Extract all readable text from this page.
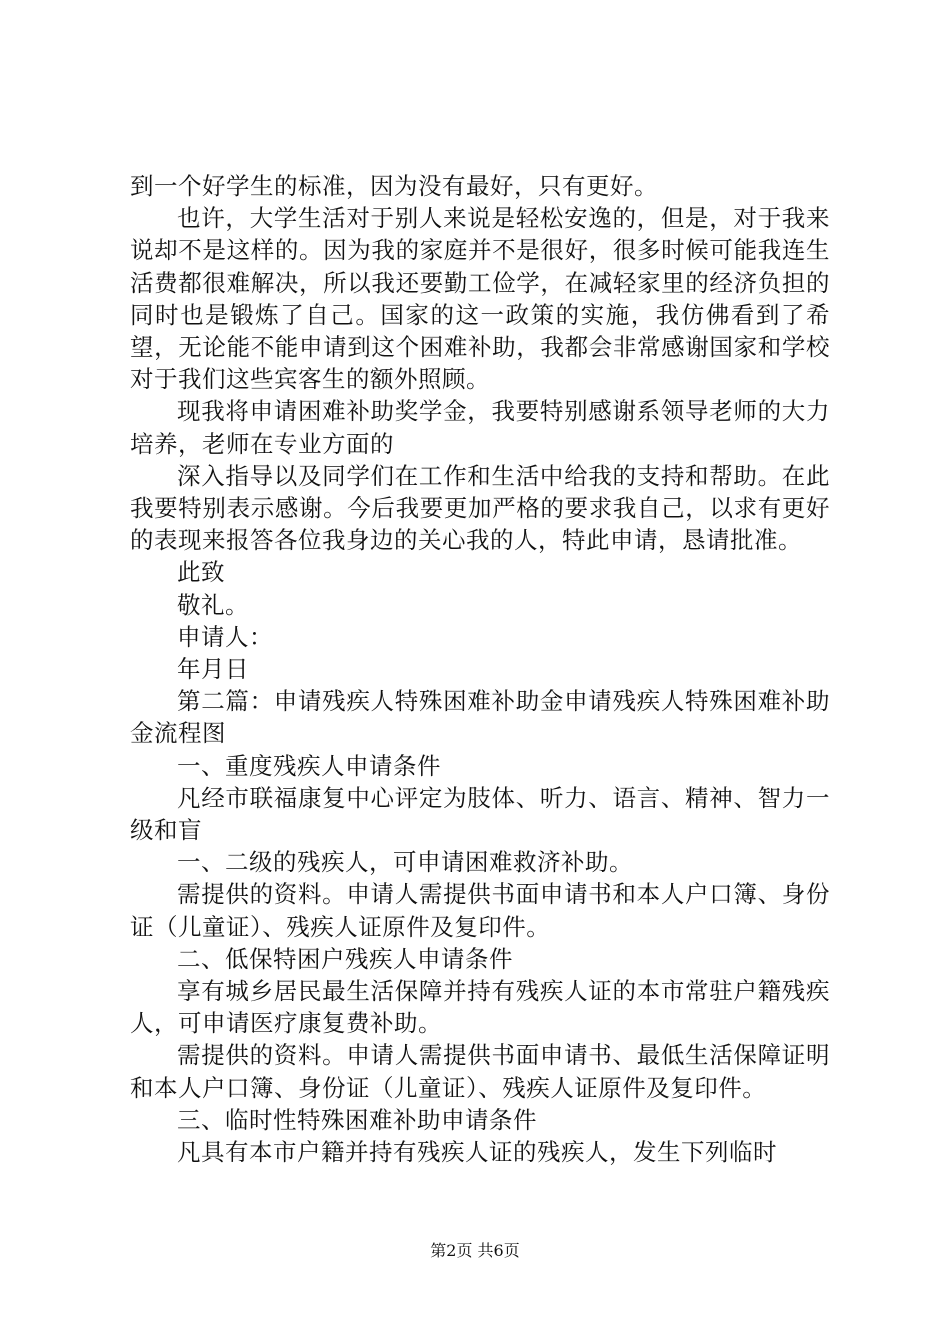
到一个好学生的标准，因为没有最好，只有更好。

也许，大学生活对于别人来说是轻松安逸的，但是，对于我来说却不是这样的。因为我的家庭并不是很好，很多时候可能我连生活费都很难解决，所以我还要勤工俭学，在减轻家里的经济负担的同时也是锻炼了自己。国家的这一政策的实施，我仿佛看到了希望，无论能不能申请到这个困难补助，我都会非常感谢国家和学校对于我们这些宾客生的额外照顾。

现我将申请困难补助奖学金，我要特别感谢系领导老师的大力培养，老师在专业方面的

深入指导以及同学们在工作和生活中给我的支持和帮助。在此我要特别表示感谢。今后我要更加严格的要求我自己，以求有更好的表现来报答各位我身边的关心我的人，特此申请，恳请批准。

此致

敬礼。

申请人：

年月日

第二篇：申请残疾人特殊困难补助金申请残疾人特殊困难补助金流程图

一、重度残疾人申请条件

凡经市联福康复中心评定为肢体、听力、语言、精神、智力一级和盲

一、二级的残疾人，可申请困难救济补助。

需提供的资料。申请人需提供书面申请书和本人户口簿、身份证（儿童证）、残疾人证原件及复印件。

二、低保特困户残疾人申请条件

享有城乡居民最生活保障并持有残疾人证的本市常驻户籍残疾人，可申请医疗康复费补助。

需提供的资料。申请人需提供书面申请书、最低生活保障证明和本人户口簿、身份证（儿童证）、残疾人证原件及复印件。

三、临时性特殊困难补助申请条件

凡具有本市户籍并持有残疾人证的残疾人，发生下列临时

第2页 共6页
